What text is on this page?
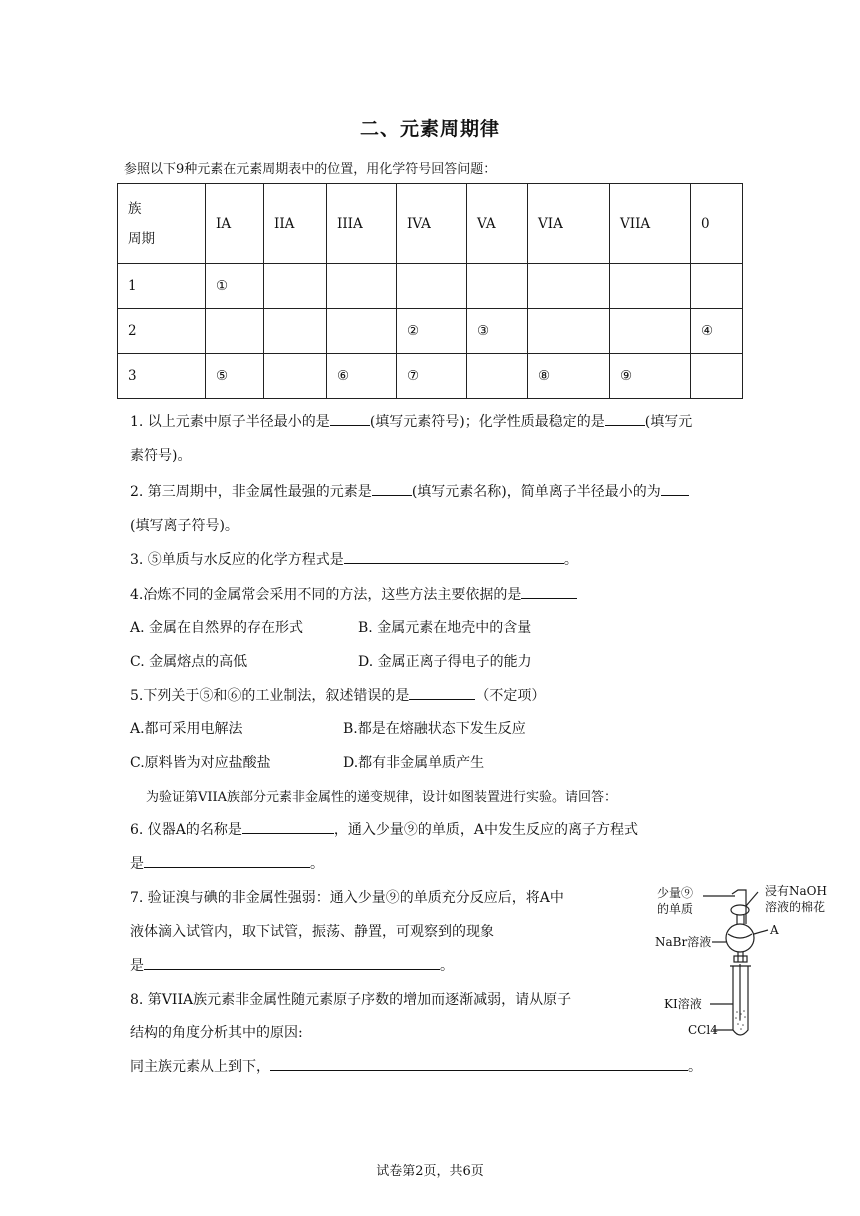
二、元素周期律
参照以下9种元素在元素周期表中的位置，用化学符号回答问题：
族
周期	IA	IIA	IIIA	IVA	VA	VIA	VIIA	0
1	①							
2				②	③			④
3	⑤		⑥	⑦		⑧	⑨	
1. 以上元素中原子半径最小的是	(填写元素符号)；化学性质最稳定的是	(填写元
素符号)。
2. 第三周期中，非金属性最强的元素是	(填写元素名称)，简单离子半径最小的为
(填写离子符号)。
3. ⑤单质与水反应的化学方程式是	。
4.冶炼不同的金属常会采用不同的方法，这些方法主要依据的是
A. 金属在自然界的存在形式	B. 金属元素在地壳中的含量
C. 金属熔点的高低	D. 金属正离子得电子的能力
5.下列关于⑤和⑥的工业制法，叙述错误的是	（不定项）
A.都可采用电解法	B.都是在熔融状态下发生反应
C.原料皆为对应盐酸盐	D.都有非金属单质产生
为验证第VIIA族部分元素非金属性的递变规律，设计如图装置进行实验。请回答：
6. 仪器A的名称是	，通入少量⑨的单质，A中发生反应的离子方程式
是	。
7. 验证溴与碘的非金属性强弱：通入少量⑨的单质充分反应后，将A中
液体滴入试管内，取下试管，振荡、静置，可观察到的现象
是	。
8. 第VIIA族元素非金属性随元素原子序数的增加而逐渐减弱，请从原子
结构的角度分析其中的原因:
同主族元素从上到下，	。
少量⑨
的单质
浸有NaOH
溶液的棉花
A
NaBr溶液
KI溶液
CCl4
试卷第2页，共6页
